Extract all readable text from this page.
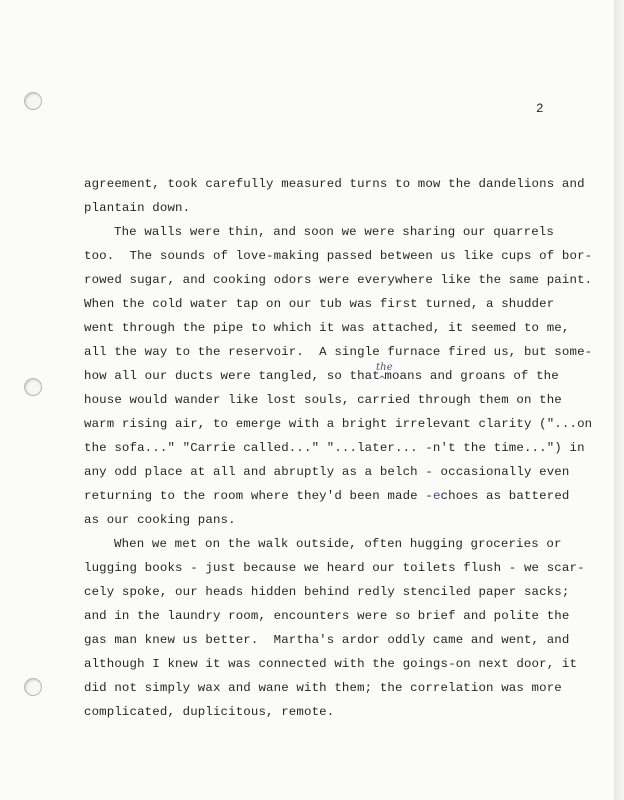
2
agreement, took carefully measured turns to mow the dandelions and
plantain down.
The walls were thin, and soon we were sharing our quarrels
too.  The sounds of love-making passed between us like cups of bor-
rowed sugar, and cooking odors were everywhere like the same paint.
When the cold water tap on our tub was first turned, a shudder
went through the pipe to which it was attached, it seemed to me,
all the way to the reservoir.  A single furnace fired us, but some-
how all our ducts were tangled, so that$_{\^{}}$moans and groans of the
the
house would wander like lost souls, carried through them on the
warm rising air, to emerge with a bright irrelevant clarity ("...on
the sofa..." "Carrie called..." "...later... -n't the time...") in
any odd place at all and abruptly as a belch - occasionally even
returning to the room where they'd been made -echoes as battered
as our cooking pans.
When we met on the walk outside, often hugging groceries or
lugging books - just because we heard our toilets flush - we scar-
cely spoke, our heads hidden behind redly stenciled paper sacks;
and in the laundry room, encounters were so brief and polite the
gas man knew us better.  Martha's ardor oddly came and went, and
although I knew it was connected with the goings-on next door, it
did not simply wax and wane with them; the correlation was more
complicated, duplicitous, remote.
